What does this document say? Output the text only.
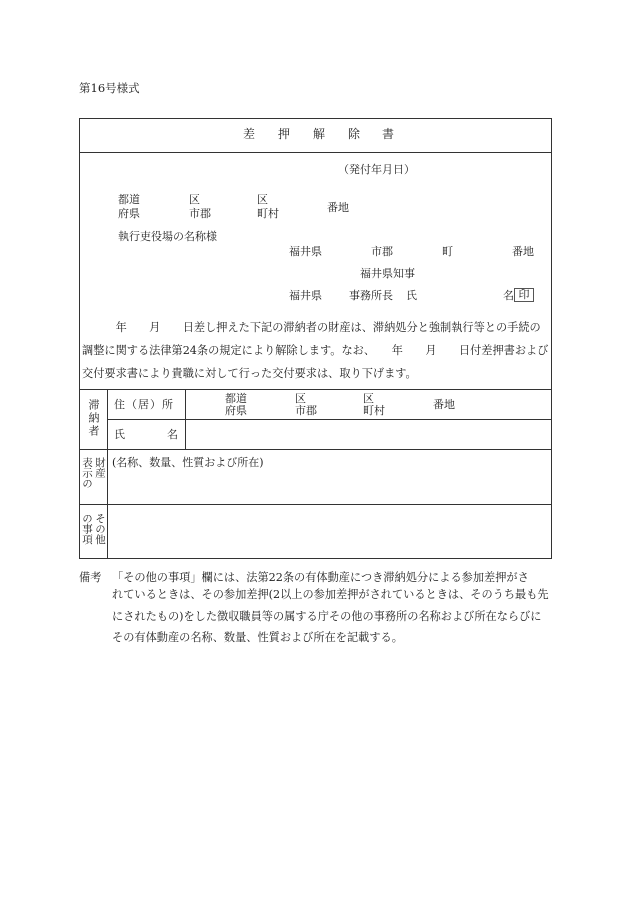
第16号様式
差 押 解 除 書
（発付年月日）
都道
府県
区
市郡
区
町村	番地
執行吏役場の名称様
福井県	市郡	町	番地
福井県知事
福井県 事務所長 氏	名 印
　　　年　　月　　日差し押えた下記の滞納者の財産は、滞納処分と強制執行等との手続の調整に関する法律第24条の規定により解除します。なお、　　年　　月　　日付差押書および交付要求書により貴職に対して行った交付要求は、取り下げます。
滞納者 住（居）所	都道
府県
区
市郡
区
町村	番地
氏	名
財産
表示の (名称、数量、性質および所在)
その他
の事項
備考 「その他の事項」欄には、法第22条の有体動産につき滞納処分による参加差押がさ
れているときは、その参加差押(2以上の参加差押がされているときは、そのうち最も先にされたもの)をした徴収職員等の属する庁その他の事務所の名称および所在ならびにその有体動産の名称、数量、性質および所在を記載する。
